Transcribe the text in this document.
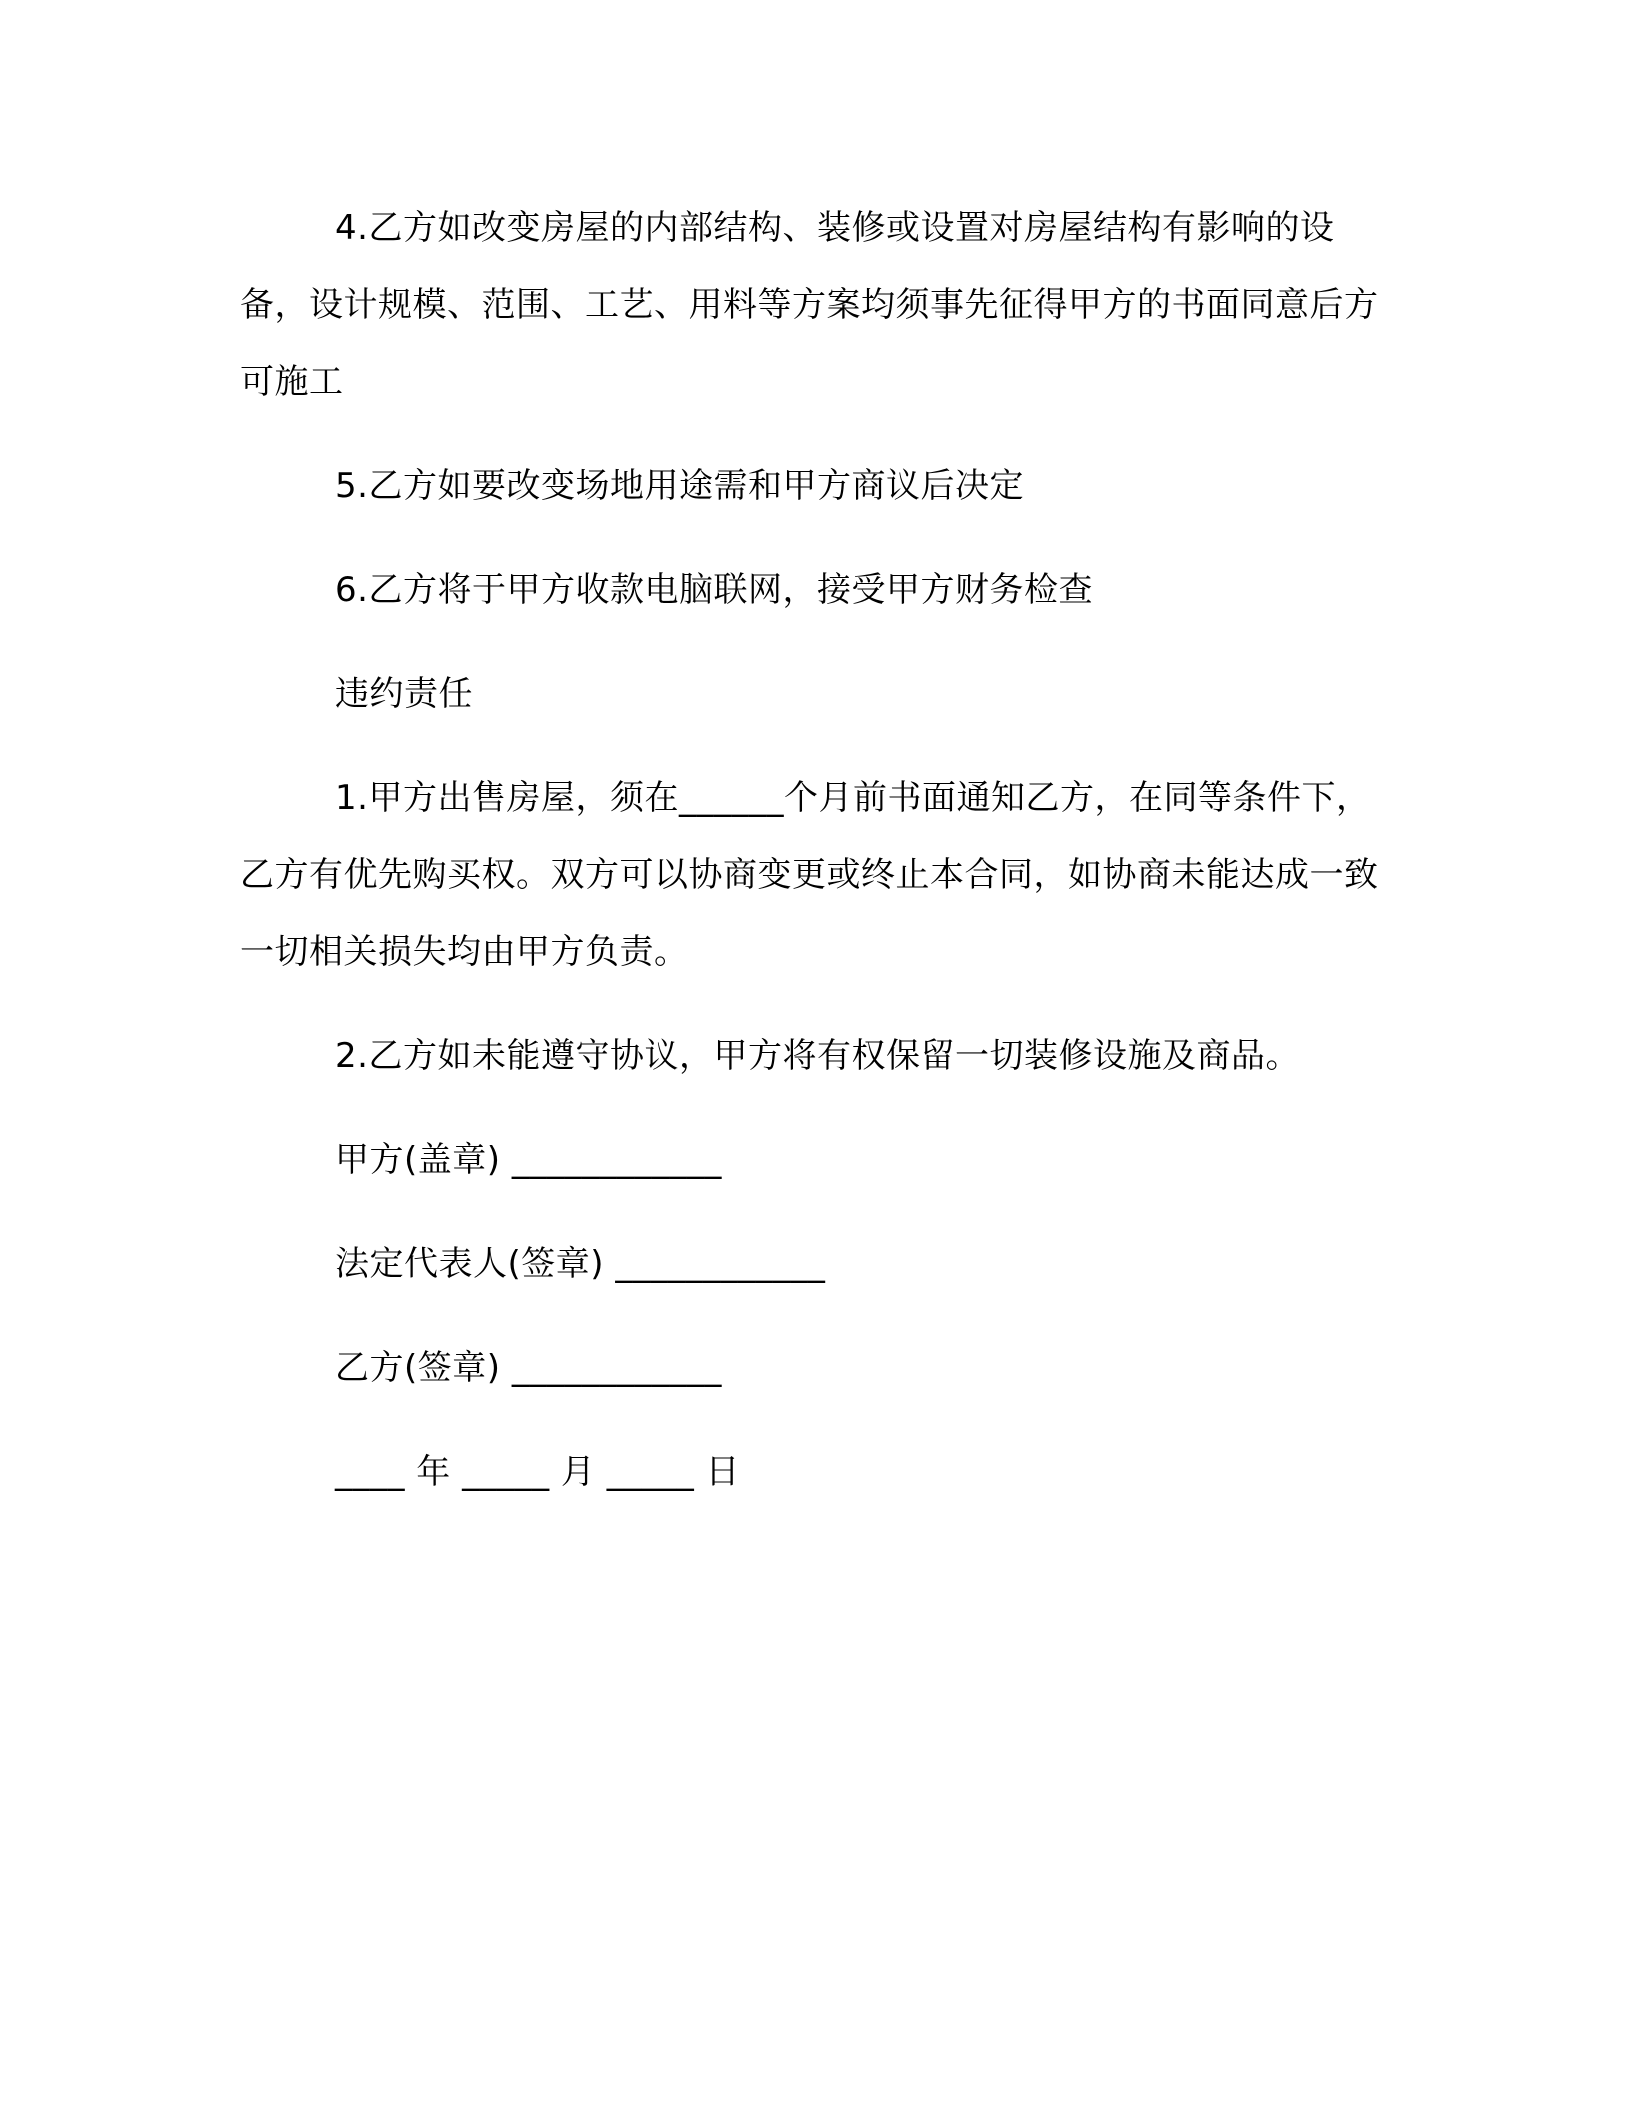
4.乙方如改变房屋的内部结构、装修或设置对房屋结构有影响的设备，设计规模、范围、工艺、用料等方案均须事先征得甲方的书面同意后方可施工

5.乙方如要改变场地用途需和甲方商议后决定

6.乙方将于甲方收款电脑联网，接受甲方财务检查

违约责任

1.甲方出售房屋，须在______个月前书面通知乙方，在同等条件下，乙方有优先购买权。双方可以协商变更或终止本合同，如协商未能达成一致一切相关损失均由甲方负责。

2.乙方如未能遵守协议，甲方将有权保留一切装修设施及商品。

甲方(盖章) ____________

法定代表人(签章) ____________

乙方(签章) ____________

____ 年 _____ 月 _____ 日
